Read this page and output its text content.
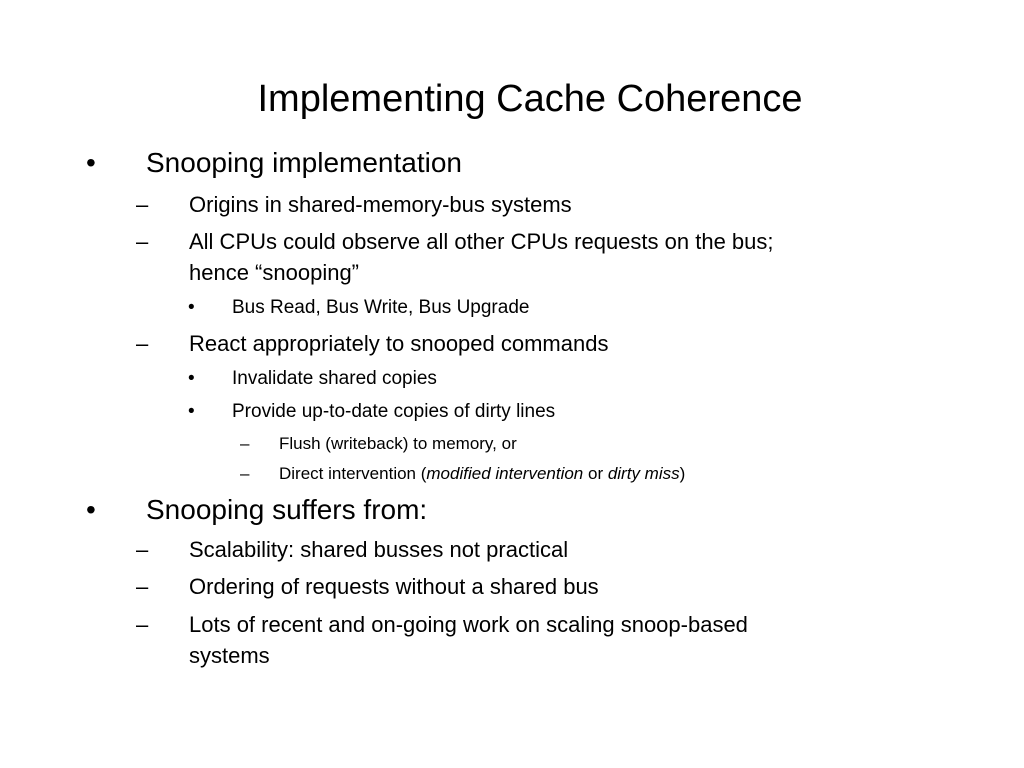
Implementing Cache Coherence
• Snooping implementation
– Origins in shared-memory-bus systems
– All CPUs could observe all other CPUs requests on the bus;
hence “snooping”
• Bus Read, Bus Write, Bus Upgrade
– React appropriately to snooped commands
• Invalidate shared copies
• Provide up-to-date copies of dirty lines
– Flush (writeback) to memory, or
– Direct intervention (modified intervention or dirty miss)
• Snooping suffers from:
– Scalability: shared busses not practical
– Ordering of requests without a shared bus
– Lots of recent and on-going work on scaling snoop-based
systems
